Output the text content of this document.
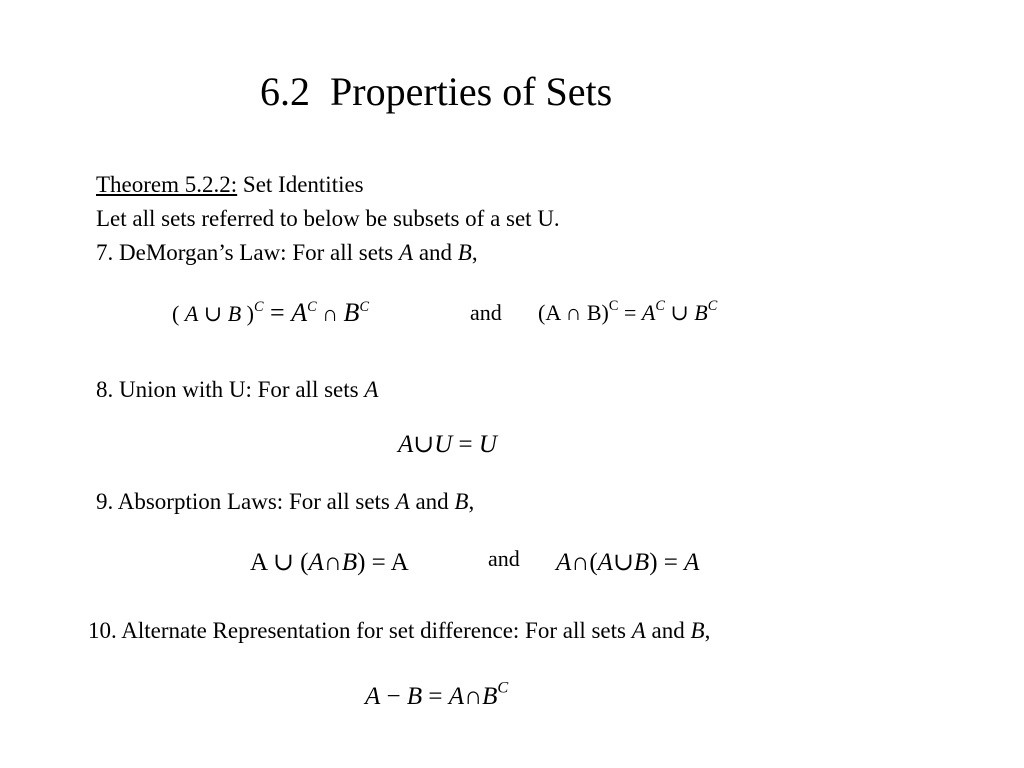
6.2  Properties of Sets
Theorem 5.2.2: Set Identities
Let all sets referred to below be subsets of a set U.
7. DeMorgan’s Law: For all sets A and B,
( A ∪ B )$^C = A^C$ ∩ $B^C$	and (A ∩ $B)^C = A^C$ ∪ $B^C$
8. Union with U: For all sets A
A∪U = U
9. Absorption Laws: For all sets A and B,
A ∪ (A∩B) = A	and A∩(A∪B) = A
10. Alternate Representation for set difference: For all sets A and B,
$A - B = A\cap B^C$
